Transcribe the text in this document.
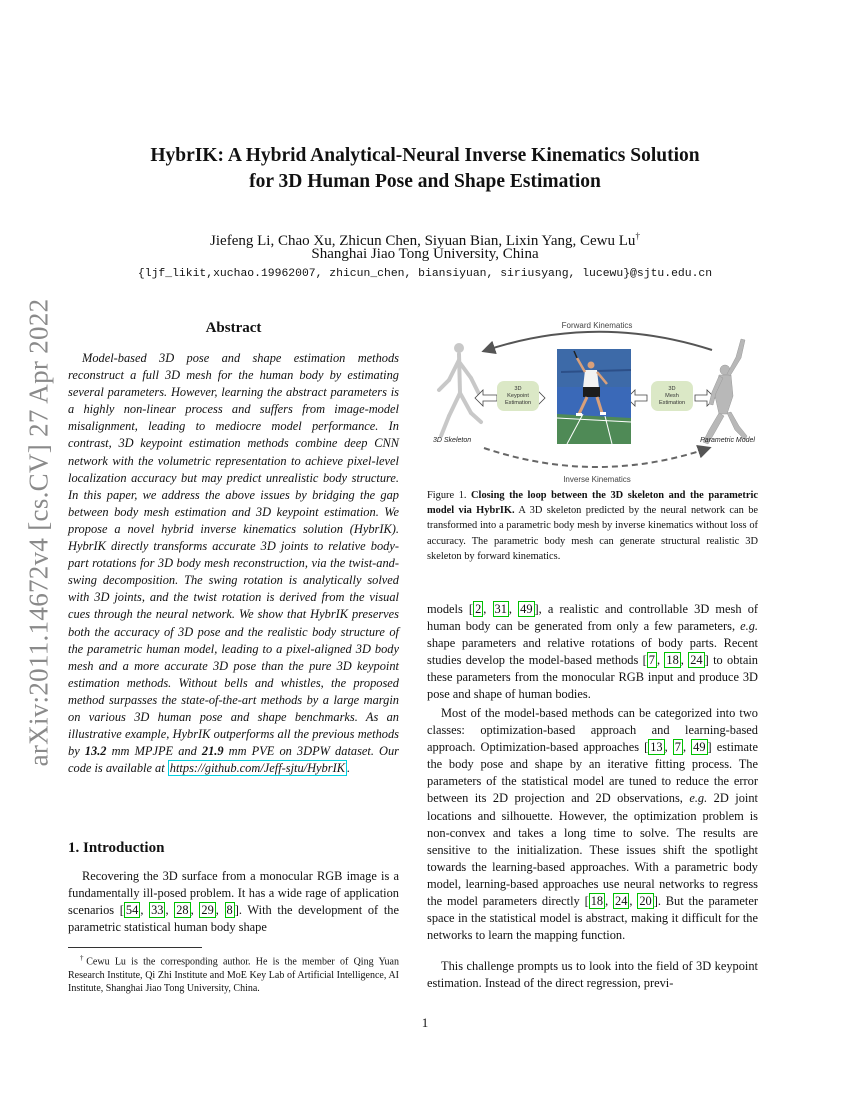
arXiv:2011.14672v4 [cs.CV] 27 Apr 2022
HybrIK: A Hybrid Analytical-Neural Inverse Kinematics Solution
for 3D Human Pose and Shape Estimation
Jiefeng Li, Chao Xu, Zhicun Chen, Siyuan Bian, Lixin Yang, Cewu Lu†
Shanghai Jiao Tong University, China
{ljf_likit,xuchao.19962007, zhicun_chen, biansiyuan, siriusyang, lucewu}@sjtu.edu.cn
Abstract
Model-based 3D pose and shape estimation methods reconstruct a full 3D mesh for the human body by estimating several parameters. However, learning the abstract parameters is a highly non-linear process and suffers from image-model misalignment, leading to mediocre model performance. In contrast, 3D keypoint estimation methods combine deep CNN network with the volumetric representation to achieve pixel-level localization accuracy but may predict unrealistic body structure. In this paper, we address the above issues by bridging the gap between body mesh estimation and 3D keypoint estimation. We propose a novel hybrid inverse kinematics solution (HybrIK). HybrIK directly transforms accurate 3D joints to relative body-part rotations for 3D body mesh reconstruction, via the twist-and-swing decomposition. The swing rotation is analytically solved with 3D joints, and the twist rotation is derived from the visual cues through the neural network. We show that HybrIK preserves both the accuracy of 3D pose and the realistic body structure of the parametric human model, leading to a pixel-aligned 3D body mesh and a more accurate 3D pose than the pure 3D keypoint estimation methods. Without bells and whistles, the proposed method surpasses the state-of-the-art methods by a large margin on various 3D human pose and shape benchmarks. As an illustrative example, HybrIK outperforms all the previous methods by 13.2 mm MPJPE and 21.9 mm PVE on 3DPW dataset. Our code is available at https://github.com/Jeff-sjtu/HybrIK .
1. Introduction
Recovering the 3D surface from a monocular RGB image is a fundamentally ill-posed problem. It has a wide rage of application scenarios [ 54 , 33 , 28 , 29 , 8 ]. With the development of the parametric statistical human body shape
†Cewu Lu is the corresponding author. He is the member of Qing Yuan Research Institute, Qi Zhi Institute and MoE Key Lab of Artificial Intelligence, AI Institute, Shanghai Jiao Tong University, China.
Forward Kinematics
Inverse Kinematics
3D Skeleton
3D
Keypoint
Estimation
3D
Mesh
Estimation
Parametric Model
Figure 1. Closing the loop between the 3D skeleton and the parametric model via HybrIK. A 3D skeleton predicted by the neural network can be transformed into a parametric body mesh by inverse kinematics without loss of accuracy. The parametric body mesh can generate structural realistic 3D skeleton by forward kinematics.
models [ 2 , 31 , 49 ], a realistic and controllable 3D mesh of human body can be generated from only a few parameters, e.g. shape parameters and relative rotations of body parts. Recent studies develop the model-based methods [ 7 , 18 , 24 ] to obtain these parameters from the monocular RGB input and produce 3D pose and shape of human bodies.
Most of the model-based methods can be categorized into two classes: optimization-based approach and learning-based approach. Optimization-based approaches [ 13 , 7 , 49 ] estimate the body pose and shape by an iterative fitting process. The parameters of the statistical model are tuned to reduce the error between its 2D projection and 2D observations, e.g. 2D joint locations and silhouette. However, the optimization problem is non-convex and takes a long time to solve. The results are sensitive to the initialization. These issues shift the spotlight towards the learning-based approaches. With a parametric body model, learning-based approaches use neural networks to regress the model parameters directly [ 18 , 24 , 20 ]. But the parameter space in the statistical model is abstract, making it difficult for the networks to learn the mapping function.
This challenge prompts us to look into the field of 3D keypoint estimation. Instead of the direct regression, previ-
1
